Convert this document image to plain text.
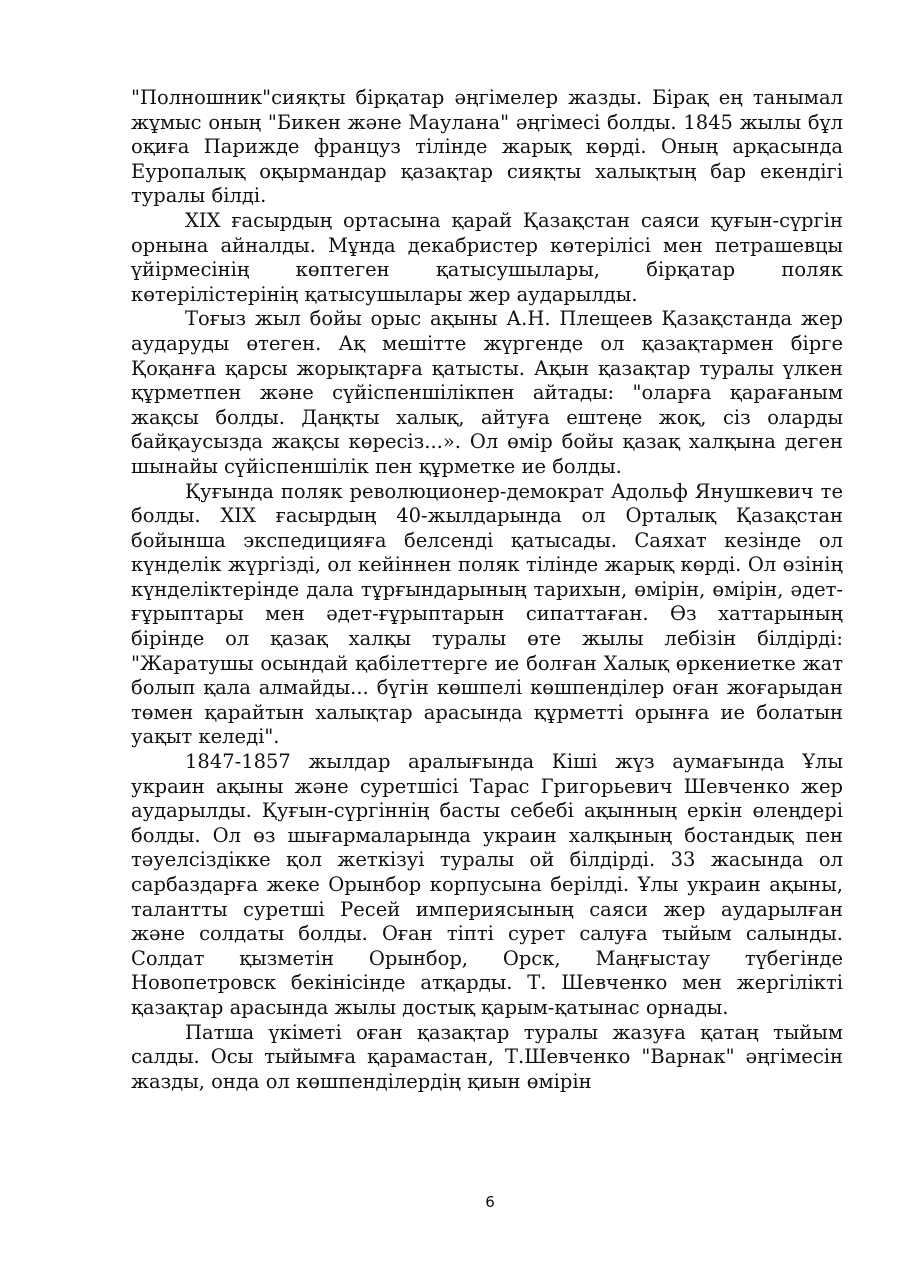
"Полношник"сияқты бірқатар әңгімелер жазды. Бірақ ең танымал жұмыс оның "Бикен және Маулана" әңгімесі болды. 1845 жылы бұл оқиға Парижде француз тілінде жарық көрді. Оның арқасында Еуропалық оқырмандар қазақтар сияқты халықтың бар екендігі туралы білді.

XIX ғасырдың ортасына қарай Қазақстан саяси қуғын-сүргін орнына айналды. Мұнда декабристер көтерілісі мен петрашевцы үйірмесінің көптеген қатысушылары, бірқатар поляк көтерілістерінің қатысушылары жер аударылды.

Тоғыз жыл бойы орыс ақыны А.Н. Плещеев Қазақстанда жер аударуды өтеген. Ақ мешітте жүргенде ол қазақтармен бірге Қоқанға қарсы жорықтарға қатысты. Ақын қазақтар туралы үлкен құрметпен және сүйіспеншілікпен айтады: "оларға қарағаным жақсы болды. Даңқты халық, айтуға ештеңе жоқ, сіз оларды байқаусызда жақсы көресіз...». Ол өмір бойы қазақ халқына деген шынайы сүйіспеншілік пен құрметке ие болды.

Қуғында поляк революционер-демократ Адольф Янушкевич те болды. XIX ғасырдың 40-жылдарында ол Орталық Қазақстан бойынша экспедицияға белсенді қатысады. Саяхат кезінде ол күнделік жүргізді, ол кейіннен поляк тілінде жарық көрді. Ол өзінің күнделіктерінде дала тұрғындарының тарихын, өмірін, өмірін, әдет-ғұрыптары мен әдет-ғұрыптарын сипаттаған. Өз хаттарының бірінде ол қазақ халқы туралы өте жылы лебізін білдірді: "Жаратушы осындай қабілеттерге ие болған Халық өркениетке жат болып қала алмайды... бүгін көшпелі көшпенділер оған жоғарыдан төмен қарайтын халықтар арасында құрметті орынға ие болатын уақыт келеді".

1847-1857 жылдар аралығында Кіші жүз аумағында Ұлы украин ақыны және суретшісі Тарас Григорьевич Шевченко жер аударылды. Қуғын-сүргіннің басты себебі ақынның еркін өлеңдері болды. Ол өз шығармаларында украин халқының бостандық пен тәуелсіздікке қол жеткізуі туралы ой білдірді. 33 жасында ол сарбаздарға жеке Орынбор корпусына берілді. Ұлы украин ақыны, талантты суретші Ресей империясының саяси жер аударылған және солдаты болды. Оған тіпті сурет салуға тыйым салынды. Солдат қызметін Орынбор, Орск, Маңғыстау түбегінде Новопетровск бекінісінде атқарды. Т. Шевченко мен жергілікті қазақтар арасында жылы достық қарым-қатынас орнады.

Патша үкіметі оған қазақтар туралы жазуға қатаң тыйым салды. Осы тыйымға қарамастан, Т.Шевченко "Варнак" әңгімесін жазды, онда ол көшпенділердің қиын өмірін

6
